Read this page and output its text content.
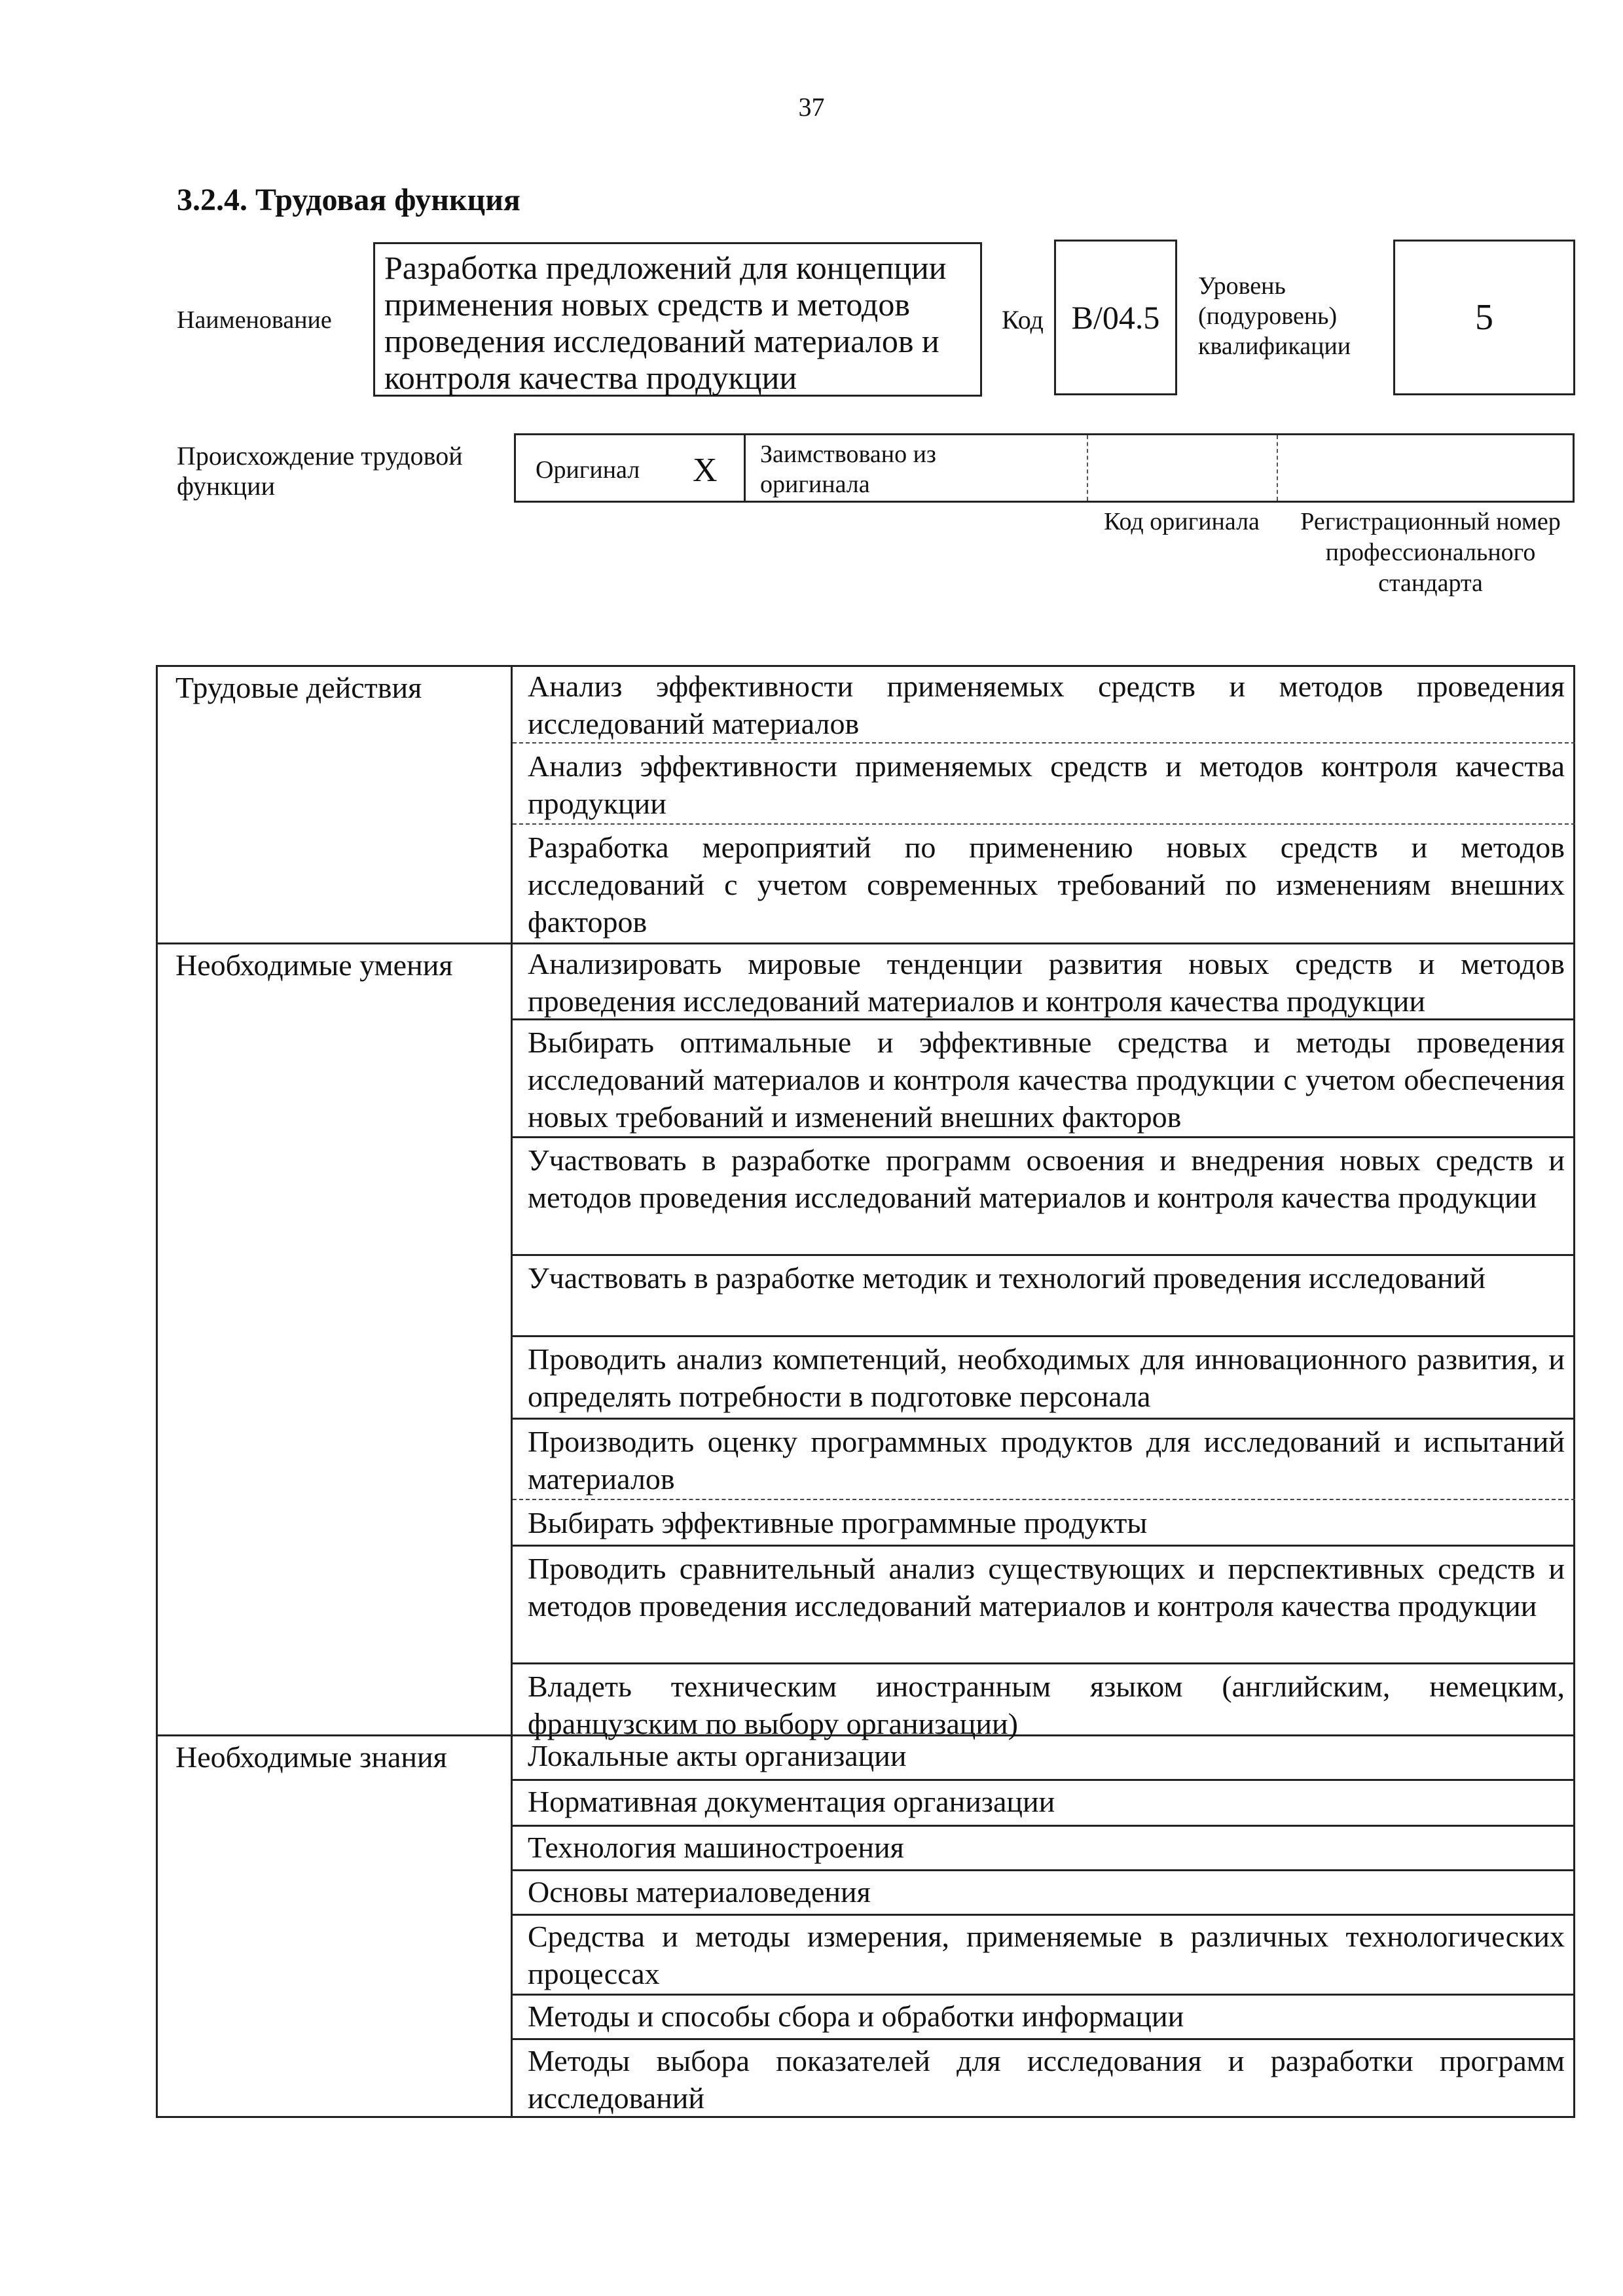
37
3.2.4. Трудовая функция
Наименование
Разработка предложений для концепции применения новых средств и методов проведения исследований материалов и контроля качества продукции
Код B/04.5
Уровень (подуровень) квалификации
5
Происхождение трудовой функции
Оригинал X Заимствовано из оригинала
Код оригинала	Регистрационный номер профессионального стандарта
Трудовые действия
Необходимые умения
Необходимые знания
Анализ эффективности применяемых средств и методов проведения исследований материалов
Анализ эффективности применяемых средств и методов контроля качества продукции
Разработка мероприятий по применению новых средств и методов исследований с учетом современных требований по изменениям внешних факторов
Анализировать мировые тенденции развития новых средств и методов проведения исследований материалов и контроля качества продукции
Выбирать оптимальные и эффективные средства и методы проведения исследований материалов и контроля качества продукции с учетом обеспечения новых требований и изменений внешних факторов
Участвовать в разработке программ освоения и внедрения новых средств и методов проведения исследований материалов и контроля качества продукции
Участвовать в разработке методик и технологий проведения исследований
Проводить анализ компетенций, необходимых для инновационного развития, и определять потребности в подготовке персонала
Производить оценку программных продуктов для исследований и испытаний материалов
Выбирать эффективные программные продукты
Проводить сравнительный анализ существующих и перспективных средств и методов проведения исследований материалов и контроля качества продукции
Владеть техническим иностранным языком (английским, немецким, французским по выбору организации)
Локальные акты организации
Нормативная документация организации
Технология машиностроения
Основы материаловедения
Средства и методы измерения, применяемые в различных технологических процессах
Методы и способы сбора и обработки информации
Методы выбора показателей для исследования и разработки программ исследований
